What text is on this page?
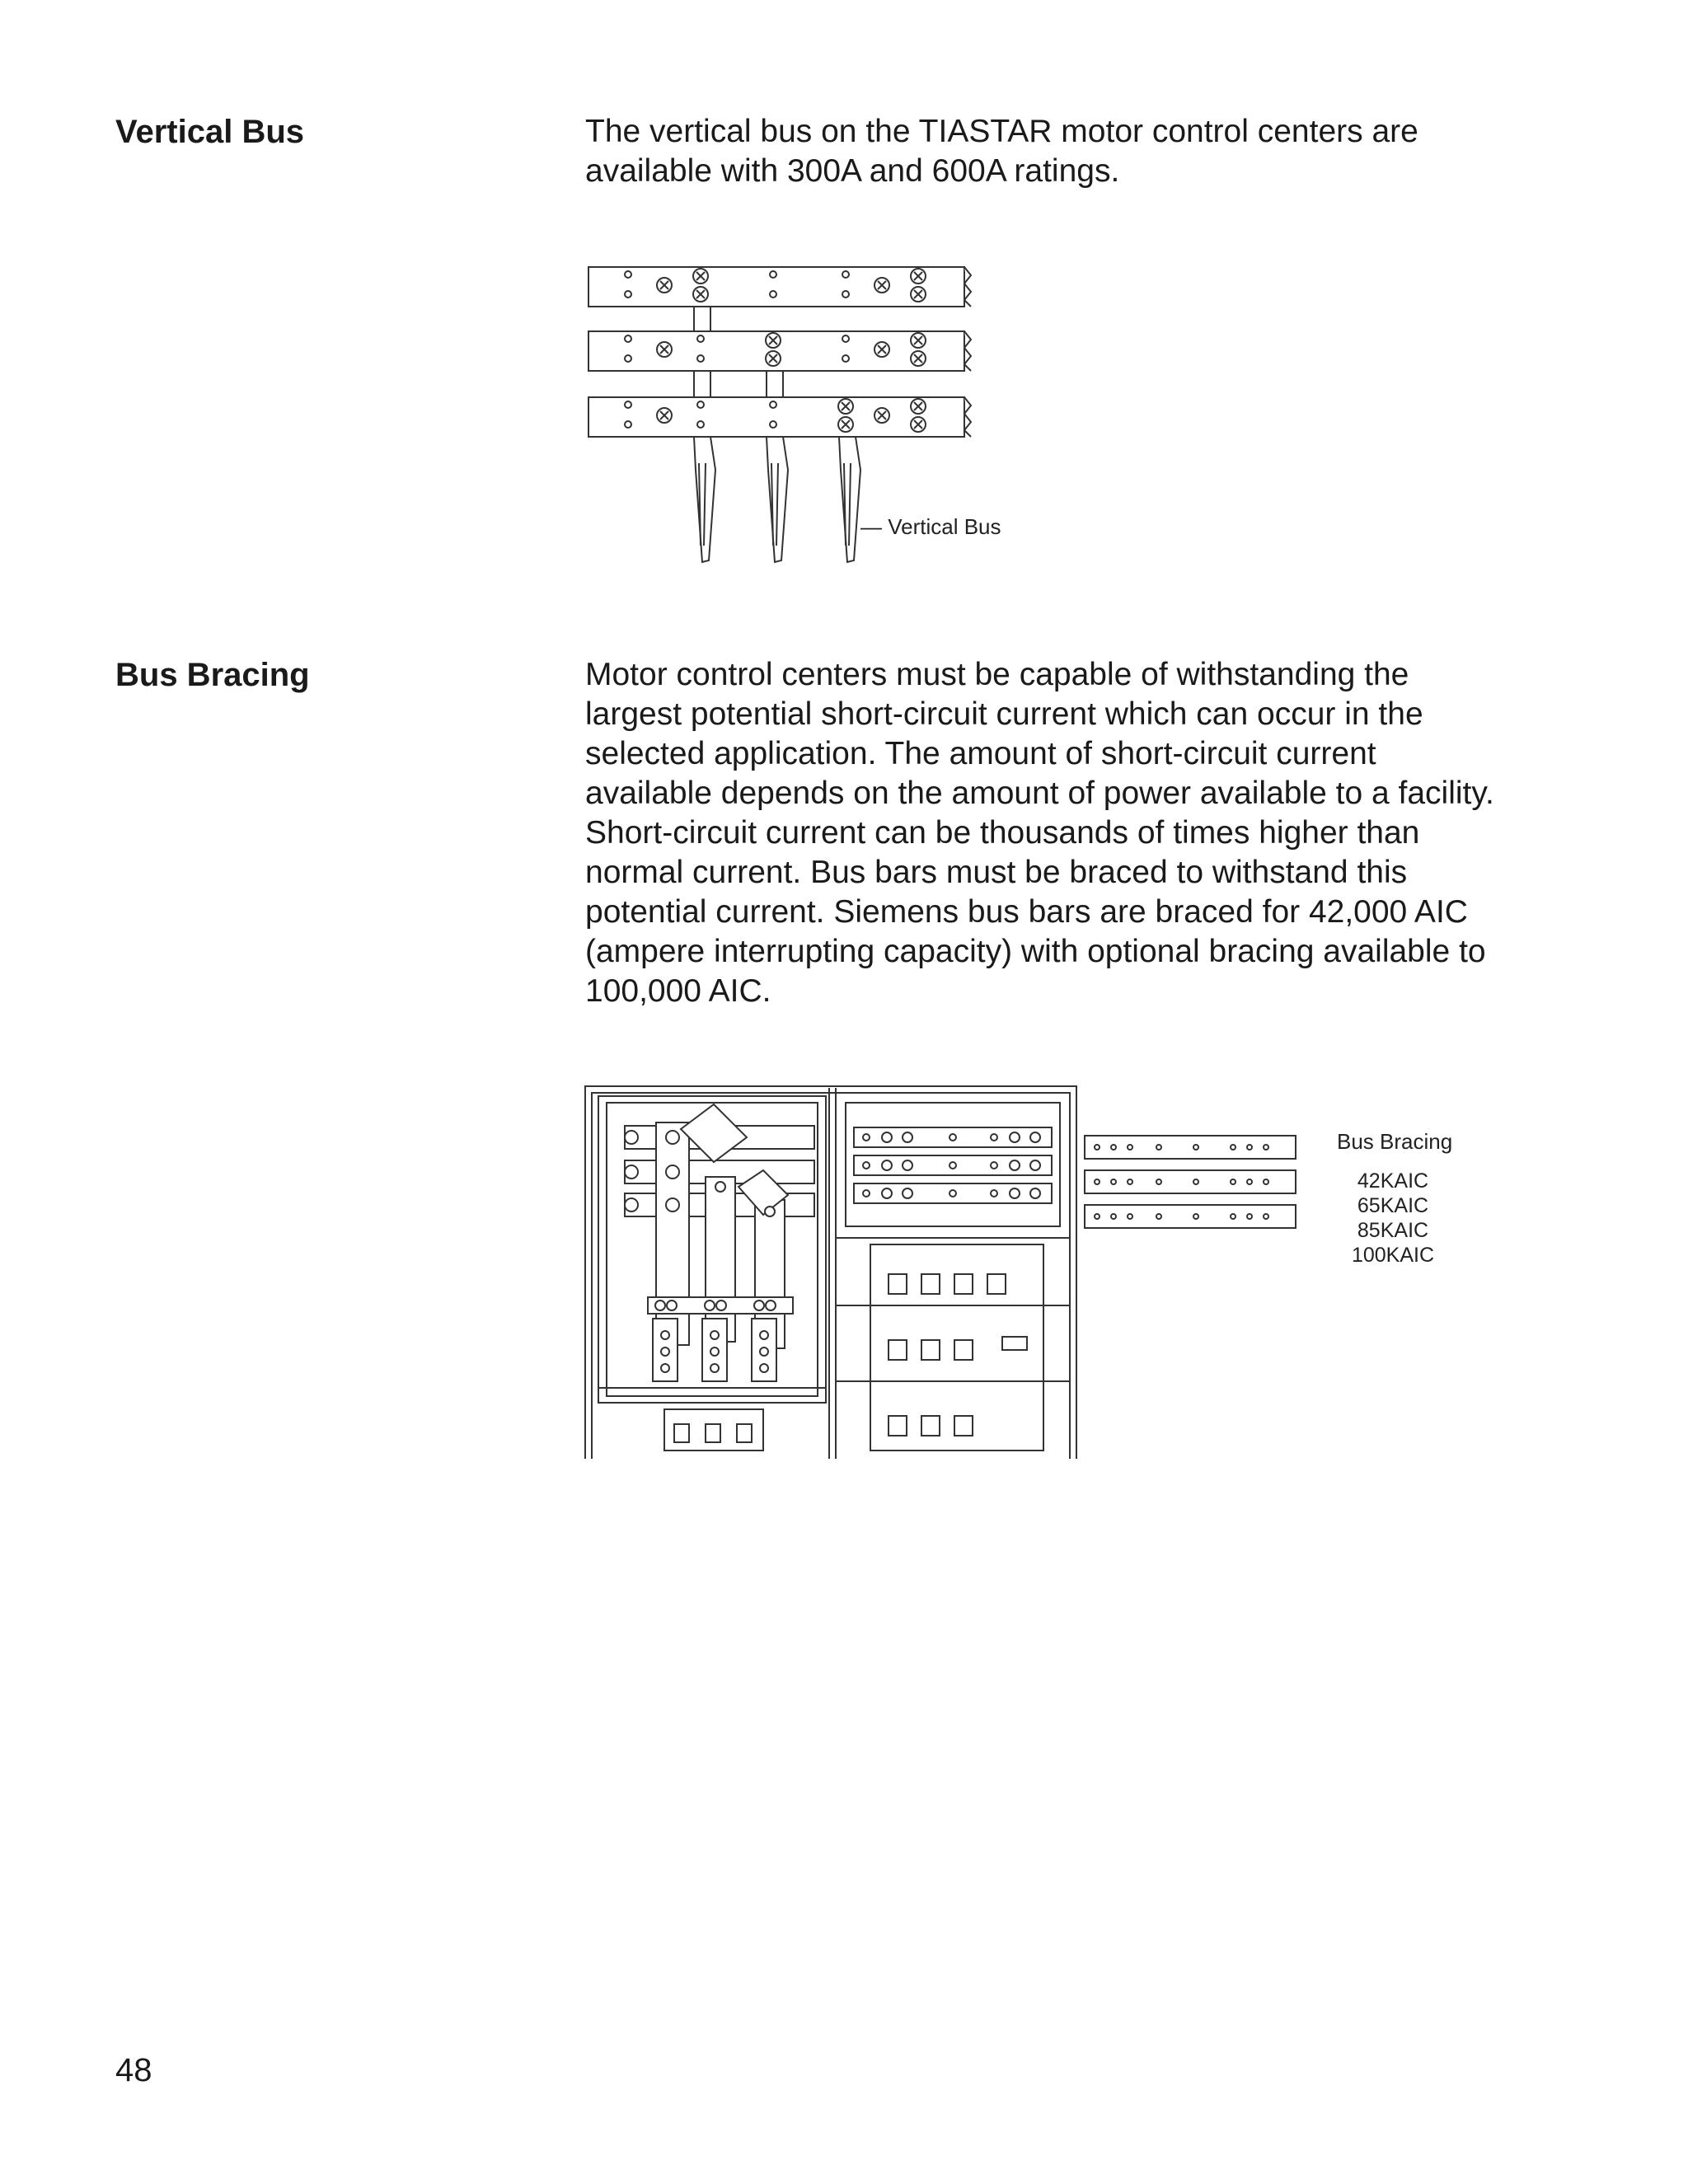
Vertical Bus	The vertical bus on the TIASTAR motor control centers are
available with 300A and 600A ratings.

— Vertical Bus
Bus Bracing	Motor control centers must be capable of withstanding the
largest potential short-circuit current which can occur in the
selected application. The amount of short-circuit current
available depends on the amount of power available to a facility.
Short-circuit current can be thousands of times higher than
normal current. Bus bars must be braced to withstand this
potential current. Siemens bus bars are braced for 42,000 AIC
(ampere interrupting capacity) with optional bracing available to
100,000 AIC.

Bus Bracing
42KAIC
65KAIC
85KAIC
100KAIC

48
